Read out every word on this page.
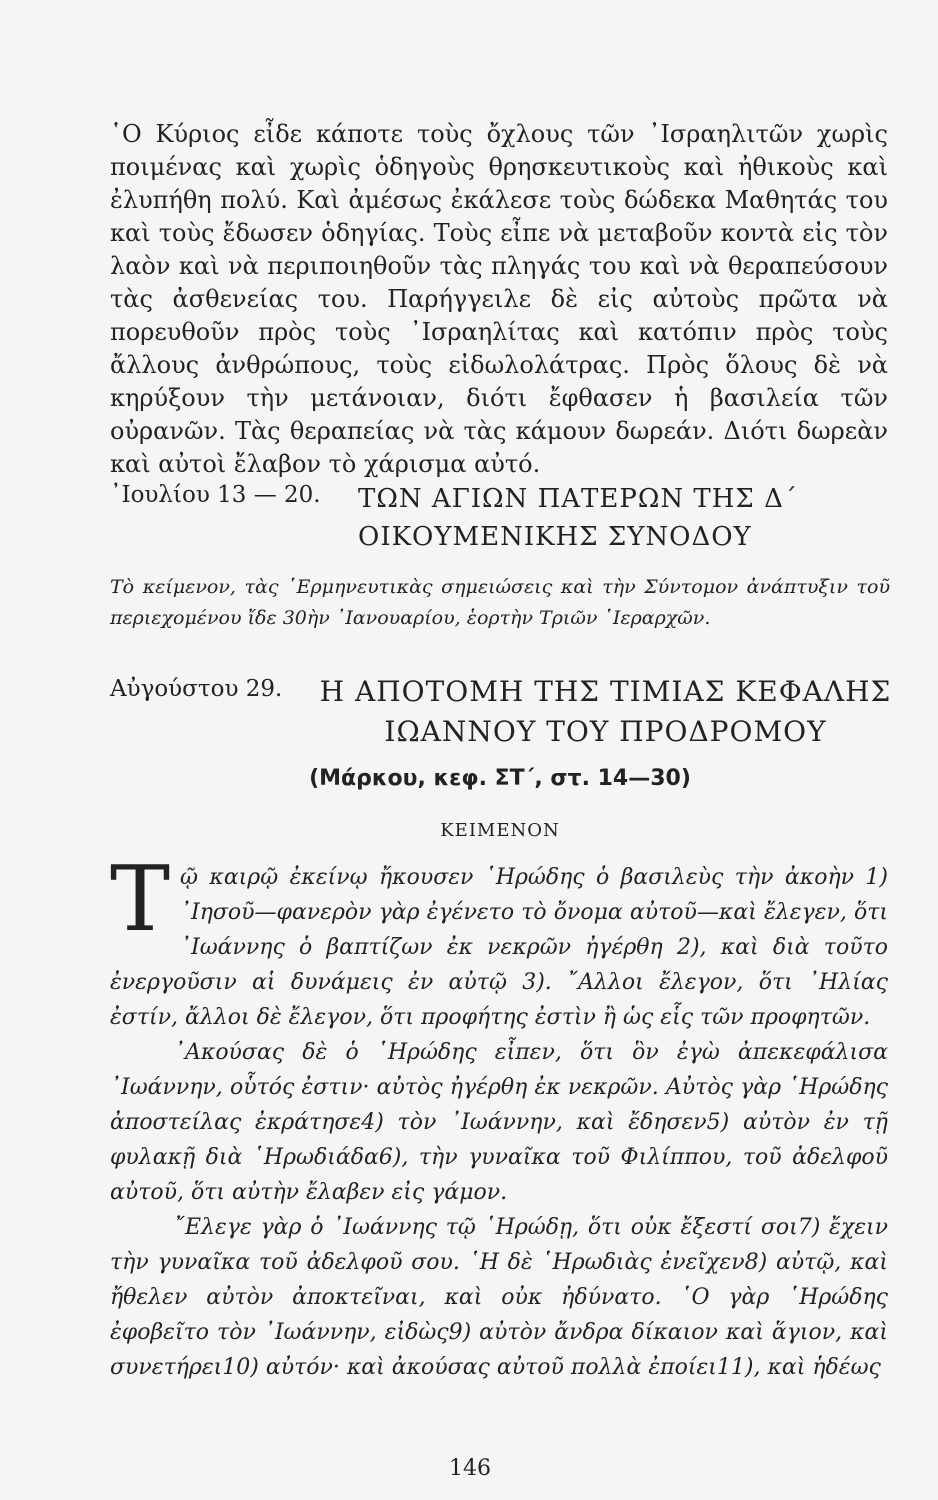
῾Ο Κύριος εἶδε κάποτε τοὺς ὄχλους τῶν ᾿Ισραηλιτῶν χωρὶς ποιμένας καὶ χωρὶς ὁδηγοὺς θρησκευτικοὺς καὶ ἠθικοὺς καὶ ἐλυπήθη πολύ. Καὶ ἀμέσως ἐκάλεσε τοὺς δώδεκα Μαθητάς του καὶ τοὺς ἔδωσεν ὁδηγίας. Τοὺς εἶπε νὰ μεταβοῦν κοντὰ εἰς τὸν λαὸν καὶ νὰ περιποιηθοῦν τὰς πληγάς του καὶ νὰ θεραπεύσουν τὰς ἀσθενείας του. Παρήγγειλε δὲ εἰς αὐτοὺς πρῶτα νὰ πορευθοῦν πρὸς τοὺς ᾿Ισραηλίτας καὶ κατόπιν πρὸς τοὺς ἄλλους ἀνθρώπους, τοὺς εἰδωλολάτρας. Πρὸς ὅλους δὲ νὰ κηρύξουν τὴν μετάνοιαν, διότι ἔφθασεν ἡ βασιλεία τῶν οὐρανῶν. Τὰς θεραπείας νὰ τὰς κάμουν δωρεάν. Διότι δωρεὰν καὶ αὐτοὶ ἔλαβον τὸ χάρισμα αὐτό.

᾿Ιουλίου 13 — 20. ΤΩΝ ΑΓΙΩΝ ΠΑΤΕΡΩΝ ΤΗΣ Δ΄ ΟΙΚΟΥΜΕΝΙΚΗΣ ΣΥΝΟΔΟΥ
Τὸ κείμενον, τὰς ῾Ερμηνευτικὰς σημειώσεις καὶ τὴν Σύντομον ἀνάπτυξιν τοῦ περιεχομένου ἴδε 30ὴν ᾿Ιανουαρίου, ἑορτὴν Τριῶν ῾Ιεραρχῶν.
Αὐγούστου 29. Η ΑΠΟΤΟΜΗ ΤΗΣ ΤΙΜΙΑΣ ΚΕΦΑΛΗΣ ΙΩΑΝΝΟΥ ΤΟΥ ΠΡΟΔΡΟΜΟΥ
(Μάρκου, κεφ. ΣΤ΄, στ. 14—30)
ΚΕΙΜΕΝΟΝ

Τῷ καιρῷ ἐκείνῳ ἤκουσεν ῾Ηρώδης ὁ βασιλεὺς τὴν ἀκοὴν 1) ᾿Ιησοῦ—φανερὸν γὰρ ἐγένετο τὸ ὄνομα αὐτοῦ—καὶ ἔλεγεν, ὅτι ᾿Ιωάννης ὁ βαπτίζων ἐκ νεκρῶν ἠγέρθη 2), καὶ διὰ τοῦτο ἐνεργοῦσιν αἱ δυνάμεις ἐν αὐτῷ 3). ῎Αλλοι ἔλεγον, ὅτι ᾿Ηλίας ἐστίν, ἄλλοι δὲ ἔλεγον, ὅτι προφήτης ἐστὶν ἢ ὡς εἷς τῶν προφητῶν.

᾿Ακούσας δὲ ὁ ῾Ηρώδης εἶπεν, ὅτι ὃν ἐγὼ ἀπεκεφάλισα ᾿Ιωάννην, οὗτός ἐστιν· αὐτὸς ἠγέρθη ἐκ νεκρῶν. Αὐτὸς γὰρ ῾Ηρώδης ἀποστείλας ἐκράτησε4) τὸν ᾿Ιωάννην, καὶ ἔδησεν5) αὐτὸν ἐν τῇ φυλακῇ διὰ ῾Ηρωδιάδα6), τὴν γυναῖκα τοῦ Φιλίππου, τοῦ ἀδελφοῦ αὐτοῦ, ὅτι αὐτὴν ἔλαβεν εἰς γάμον.

῎Ελεγε γὰρ ὁ ᾿Ιωάννης τῷ ῾Ηρώδῃ, ὅτι οὐκ ἔξεστί σοι7) ἔχειν τὴν γυναῖκα τοῦ ἀδελφοῦ σου. ῾Η δὲ ῾Ηρωδιὰς ἐνεῖχεν8) αὐτῷ, καὶ ἤθελεν αὐτὸν ἀποκτεῖναι, καὶ οὐκ ἠδύνατο. ῾Ο γὰρ ῾Ηρώδης ἐφοβεῖτο τὸν ᾿Ιωάννην, εἰδὼς9) αὐτὸν ἄνδρα δίκαιον καὶ ἅγιον, καὶ συνετήρει10) αὐτόν· καὶ ἀκούσας αὐτοῦ πολλὰ ἐποίει11), καὶ ἡδέως

146
